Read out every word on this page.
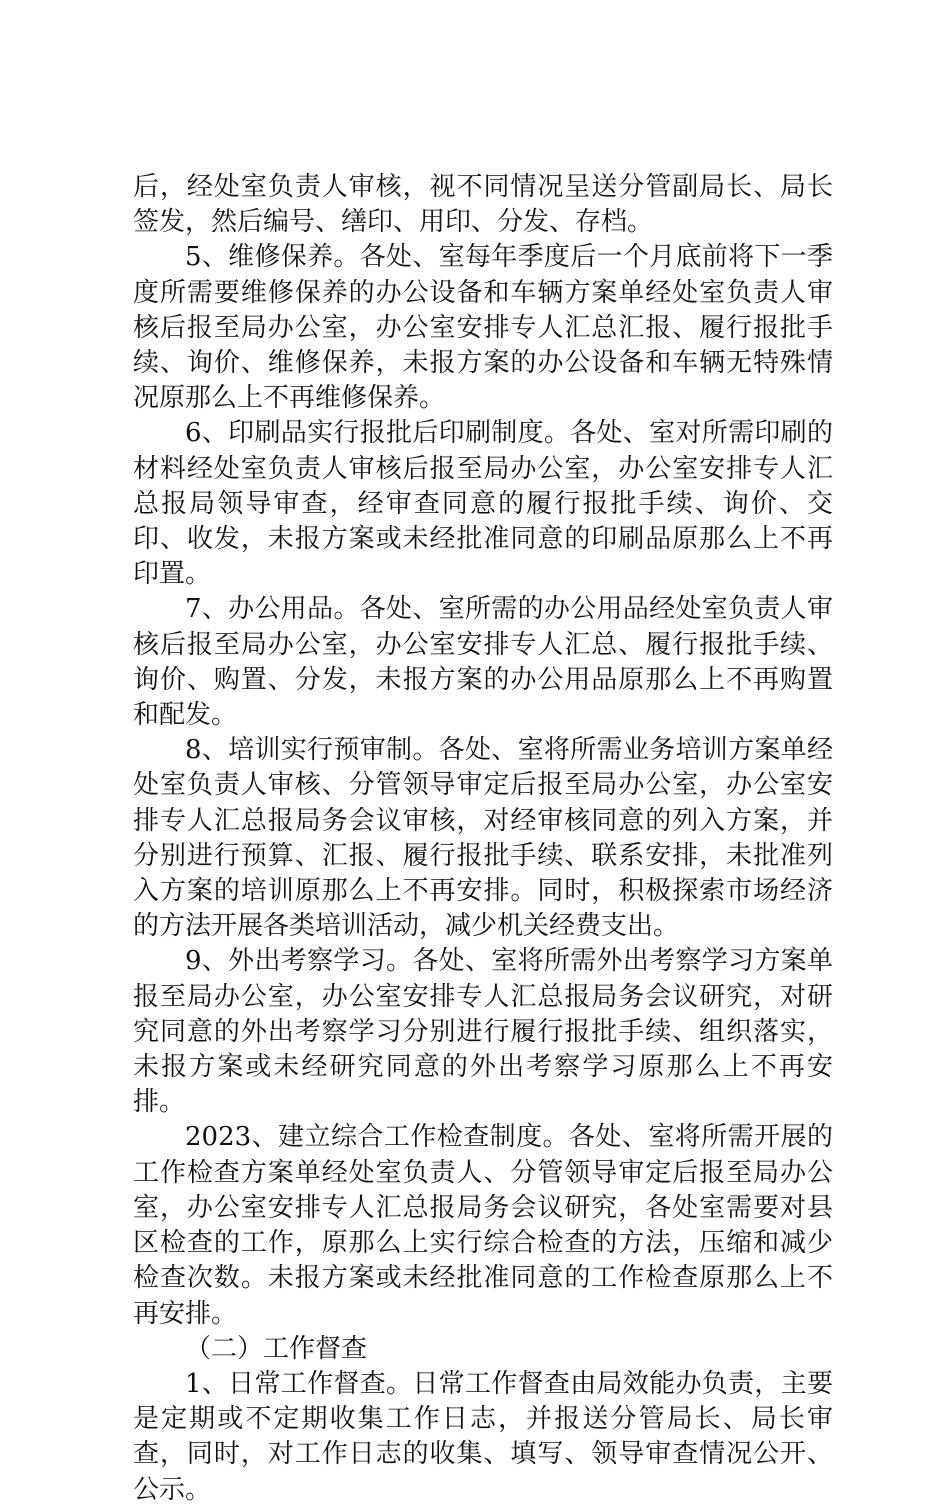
后，经处室负责人审核，视不同情况呈送分管副局长、局长签发，然后编号、缮印、用印、分发、存档。

5、维修保养。各处、室每年季度后一个月底前将下一季度所需要维修保养的办公设备和车辆方案单经处室负责人审核后报至局办公室，办公室安排专人汇总汇报、履行报批手续、询价、维修保养，未报方案的办公设备和车辆无特殊情况原那么上不再维修保养。

6、印刷品实行报批后印刷制度。各处、室对所需印刷的材料经处室负责人审核后报至局办公室，办公室安排专人汇总报局领导审查，经审查同意的履行报批手续、询价、交印、收发，未报方案或未经批准同意的印刷品原那么上不再印置。

7、办公用品。各处、室所需的办公用品经处室负责人审核后报至局办公室，办公室安排专人汇总、履行报批手续、询价、购置、分发，未报方案的办公用品原那么上不再购置和配发。

8、培训实行预审制。各处、室将所需业务培训方案单经处室负责人审核、分管领导审定后报至局办公室，办公室安排专人汇总报局务会议审核，对经审核同意的列入方案，并分别进行预算、汇报、履行报批手续、联系安排，未批准列入方案的培训原那么上不再安排。同时，积极探索市场经济的方法开展各类培训活动，减少机关经费支出。

9、外出考察学习。各处、室将所需外出考察学习方案单报至局办公室，办公室安排专人汇总报局务会议研究，对研究同意的外出考察学习分别进行履行报批手续、组织落实，未报方案或未经研究同意的外出考察学习原那么上不再安排。

2023、建立综合工作检查制度。各处、室将所需开展的工作检查方案单经处室负责人、分管领导审定后报至局办公室，办公室安排专人汇总报局务会议研究，各处室需要对县区检查的工作，原那么上实行综合检查的方法，压缩和减少检查次数。未报方案或未经批准同意的工作检查原那么上不再安排。

（二）工作督查

1、日常工作督查。日常工作督查由局效能办负责，主要是定期或不定期收集工作日志，并报送分管局长、局长审查，同时，对工作日志的收集、填写、领导审查情况公开、公示。
